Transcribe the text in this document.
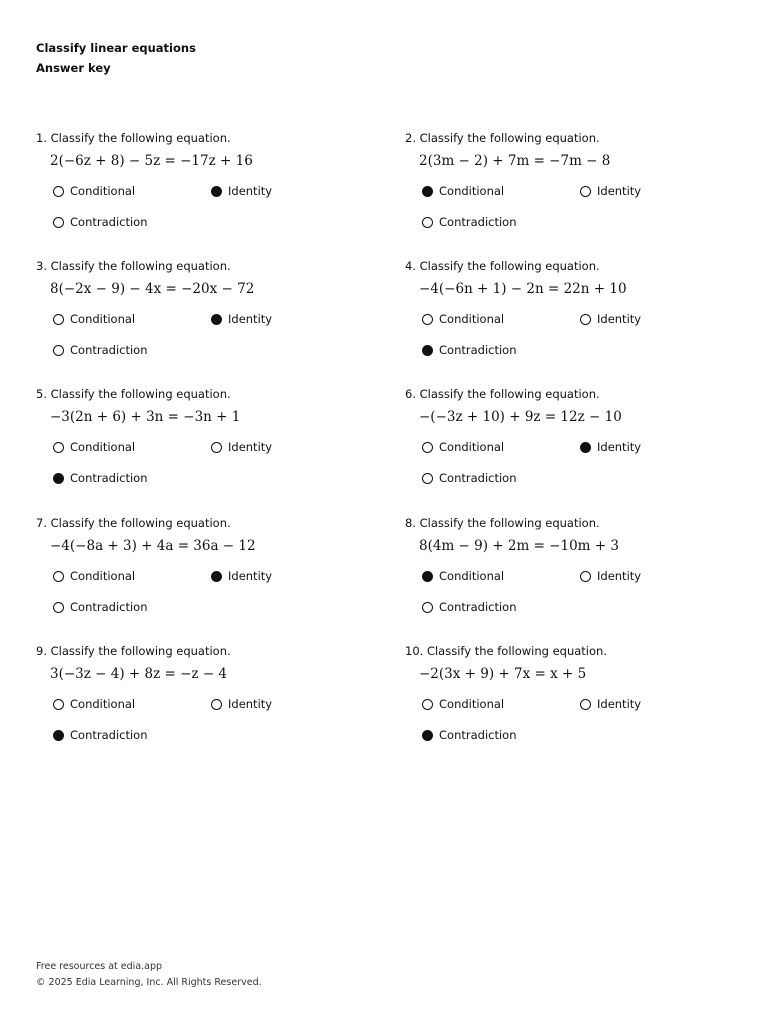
Classify linear equations
Answer key
1. Classify the following equation.
2(−6z + 8) − 5z = −17z + 16
Conditional	Identity
Contradiction
2. Classify the following equation.
2(3m − 2) + 7m = −7m − 8
Conditional	Identity
Contradiction
3. Classify the following equation.
8(−2x − 9) − 4x = −20x − 72
Conditional	Identity
Contradiction
4. Classify the following equation.
−4(−6n + 1) − 2n = 22n + 10
Conditional	Identity
Contradiction
5. Classify the following equation.
−3(2n + 6) + 3n = −3n + 1
Conditional	Identity
Contradiction
6. Classify the following equation.
−(−3z + 10) + 9z = 12z − 10
Conditional	Identity
Contradiction
7. Classify the following equation.
−4(−8a + 3) + 4a = 36a − 12
Conditional	Identity
Contradiction
8. Classify the following equation.
8(4m − 9) + 2m = −10m + 3
Conditional	Identity
Contradiction
9. Classify the following equation.
3(−3z − 4) + 8z = −z − 4
Conditional	Identity
Contradiction
10. Classify the following equation.
−2(3x + 9) + 7x = x + 5
Conditional	Identity
Contradiction
Free resources at edia.app
© 2025 Edia Learning, Inc. All Rights Reserved.
